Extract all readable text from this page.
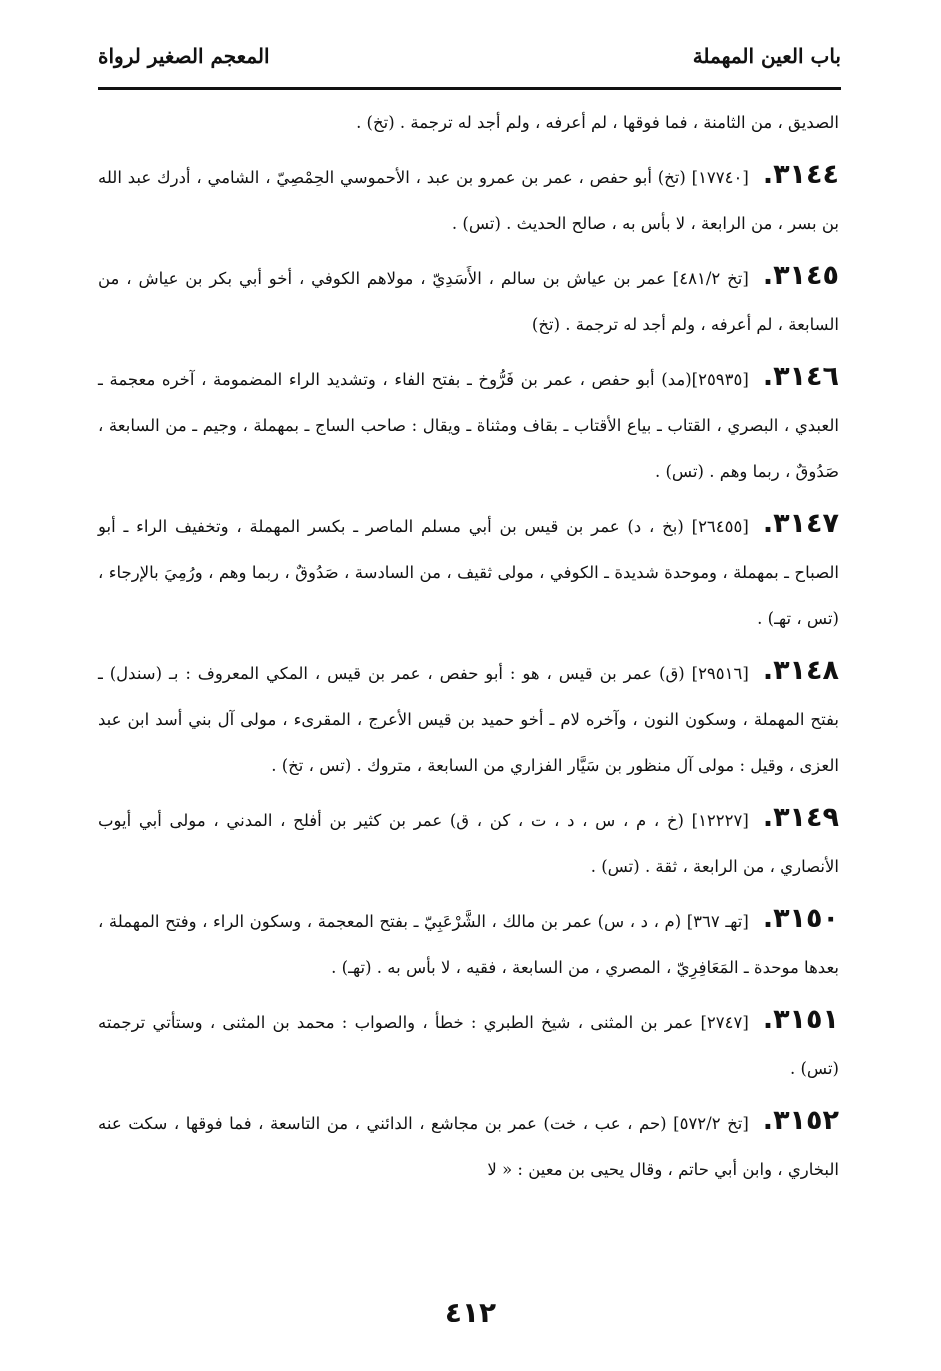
باب العين المهملة
المعجم الصغير لرواة

الصديق ، من الثامنة ، فما فوقها ، لم أعرفه ، ولم أجد له ترجمة . (تخ) .

٣١٤٤.[١٧٧٤٠] (تخ) أبو حفص ، عمر بن عمرو بن عبد ، الأحموسي الحِمْصِيّ ، الشامي ، أدرك عبد الله بن بسر ، من الرابعة ، لا بأس به ، صالح الحديث . (تس) .

٣١٤٥.[تخ ٤٨١/٢] عمر بن عياش بن سالم ، الأَسَدِيّ ، مولاهم الكوفي ، أخو أبي بكر بن عياش ، من السابعة ، لم أعرفه ، ولم أجد له ترجمة . (تخ)

٣١٤٦.[٢٥٩٣٥](مد) أبو حفص ، عمر بن فَرُّوخ ـ بفتح الفاء ، وتشديد الراء المضمومة ، آخره معجمة ـ العبدي ، البصري ، القتاب ـ بياع الأقتاب ـ بقاف ومثناة ـ ويقال : صاحب الساج ـ بمهملة ، وجيم ـ من السابعة ، صَدُوقٌ ، ربما وهم . (تس) .

٣١٤٧.[٢٦٤٥٥] (بخ ، د) عمر بن قيس بن أبي مسلم الماصر ـ بكسر المهملة ، وتخفيف الراء ـ أبو الصباح ـ بمهملة ، وموحدة شديدة ـ الكوفي ، مولى ثقيف ، من السادسة ، صَدُوقٌ ، ربما وهم ، ورُمِيَ بالإرجاء ، (تس ، تهـ) .

٣١٤٨.[٢٩٥١٦] (ق) عمر بن قيس ، هو : أبو حفص ، عمر بن قيس ، المكي المعروف : بـ (سندل) ـ بفتح المهملة ، وسكون النون ، وآخره لام ـ أخو حميد بن قيس الأعرج ، المقرىء ، مولى آل بني أسد ابن عبد العزى ، وقيل : مولى آل منظور بن سَيَّار الفزاري من السابعة ، متروك . (تس ، تخ) .

٣١٤٩.[١٢٢٢٧] (خ ، م ، س ، د ، ت ، كن ، ق) عمر بن كثير بن أفلح ، المدني ، مولى أبي أيوب الأنصاري ، من الرابعة ، ثقة . (تس) .

٣١٥٠.[تهـ ٣٦٧] (م ، د ، س) عمر بن مالك ، الشَّرْعَبِيّ ـ بفتح المعجمة ، وسكون الراء ، وفتح المهملة ، بعدها موحدة ـ المَعَافِرِيّ ، المصري ، من السابعة ، فقيه ، لا بأس به . (تهـ) .

٣١٥١.[٢٧٤٧] عمر بن المثنى ، شيخ الطبري : خطأ ، والصواب : محمد بن المثنى ، وستأتي ترجمته (تس) .

٣١٥٢.[تخ ٥٧٢/٢] (حم ، عب ، خت) عمر بن مجاشع ، الدائني ، من التاسعة ، فما فوقها ، سكت عنه البخاري ، وابن أبي حاتم ، وقال يحيى بن معين : « لا

٤١٢
